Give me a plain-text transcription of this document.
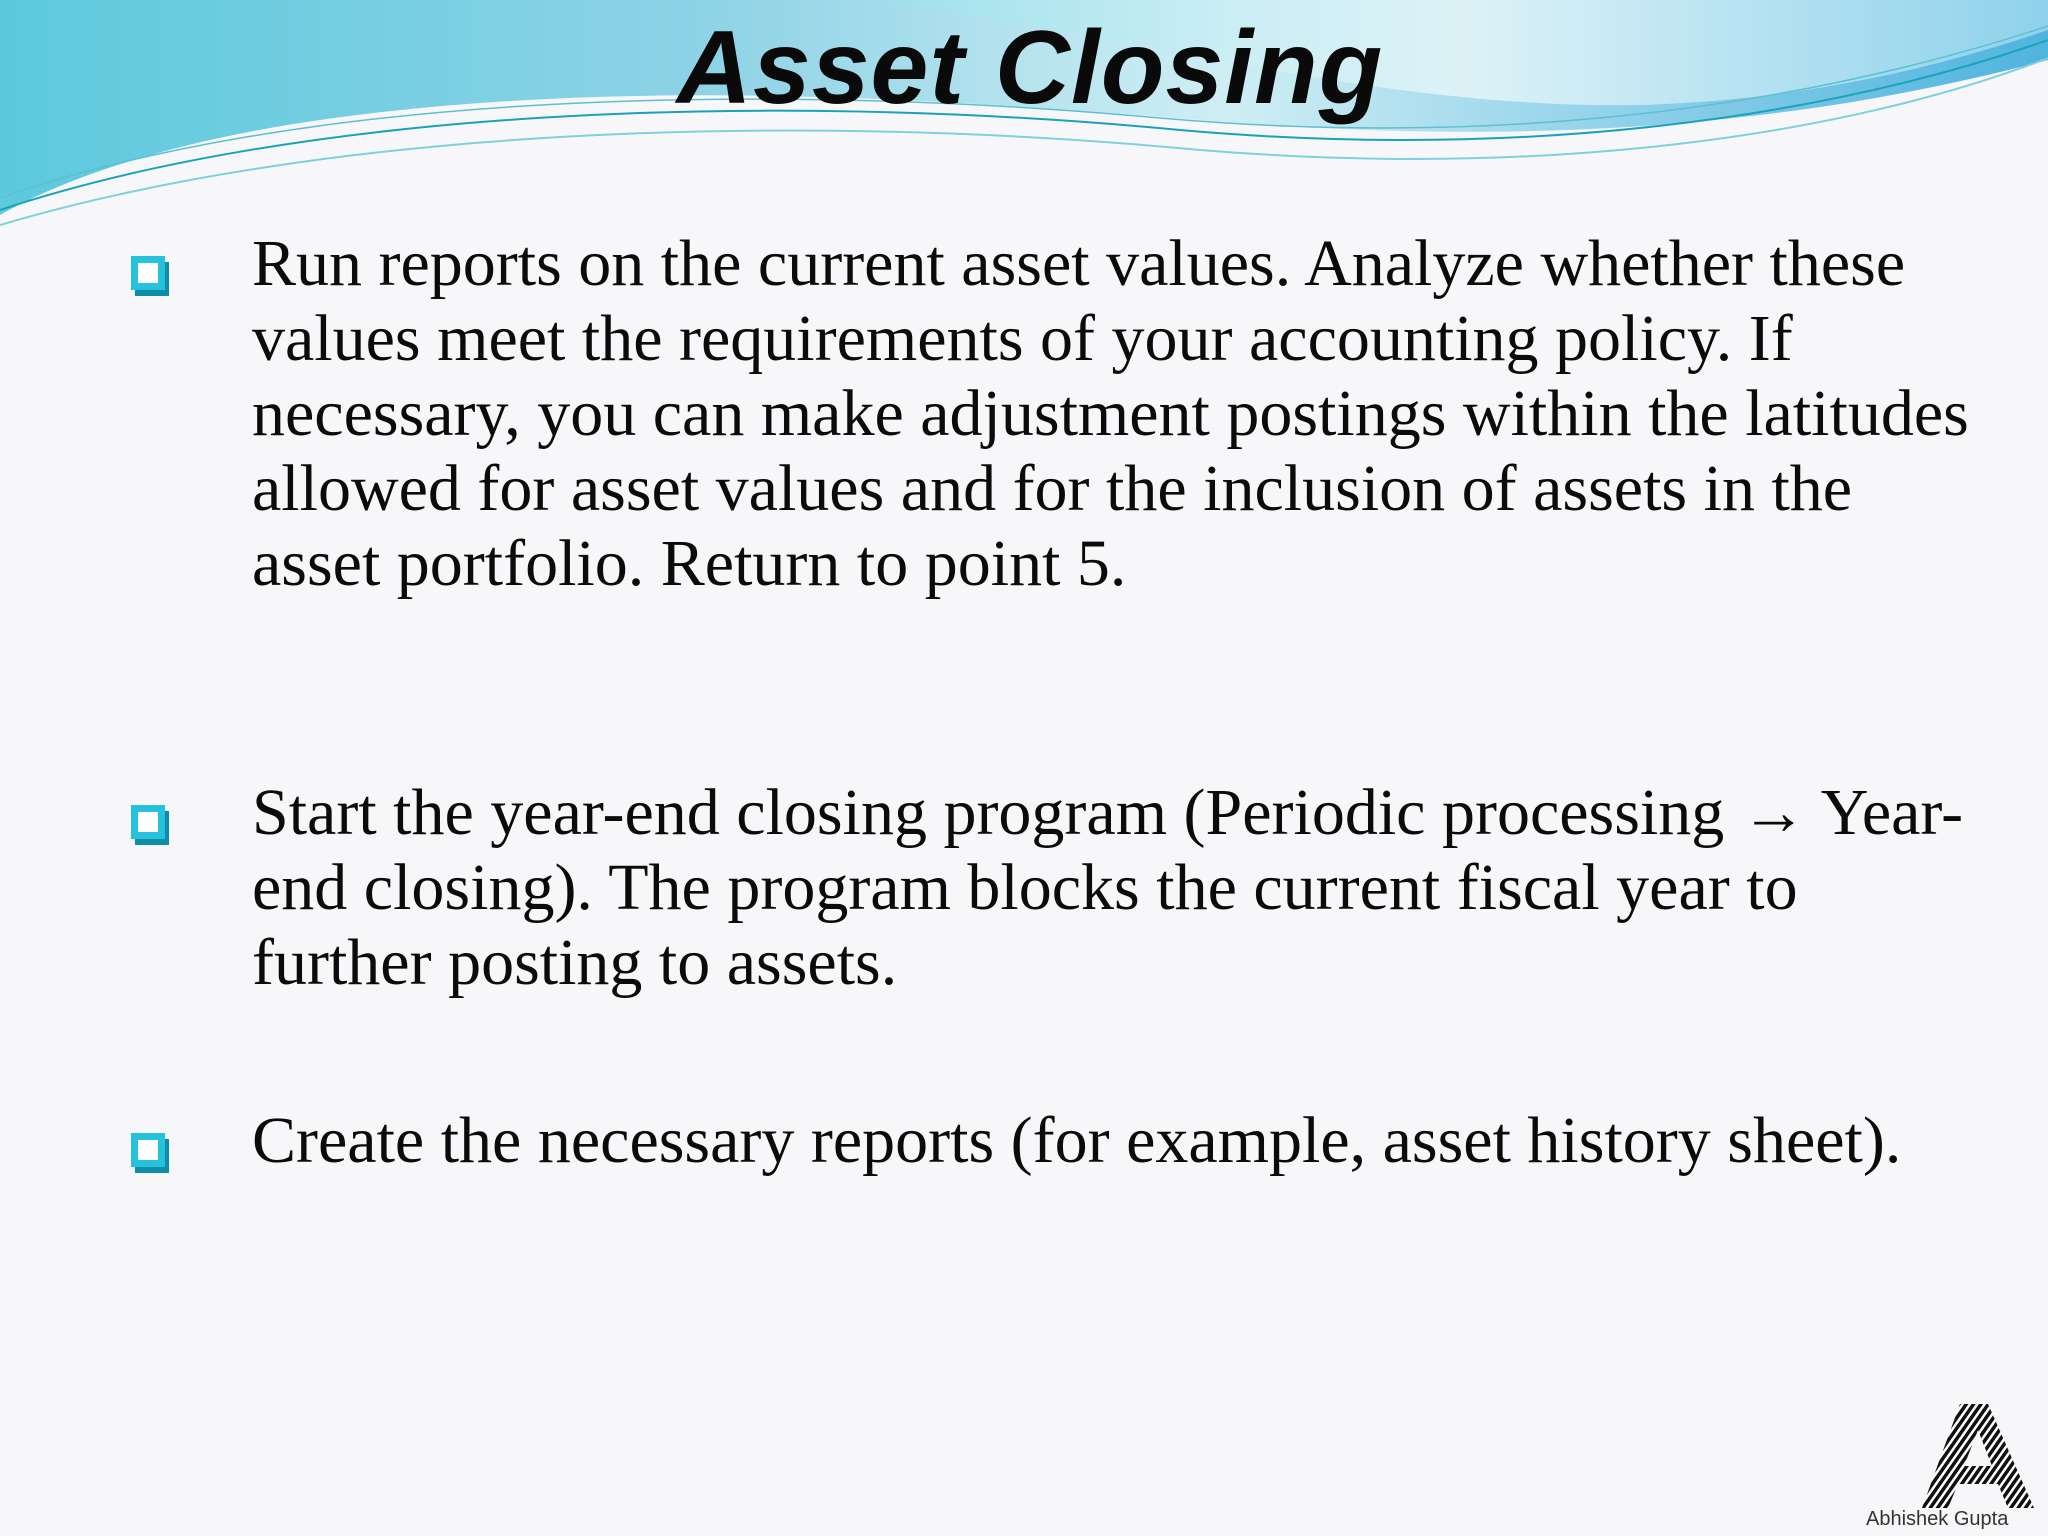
Asset Closing
Run reports on the current asset values. Analyze whether these values meet the requirements of your accounting policy. If necessary, you can make adjustment postings within the latitudes allowed for asset values and for the inclusion of assets in the asset portfolio. Return to point 5.
Start the year-end closing program (Periodic processing → Year-end closing). The program blocks the current fiscal year to further posting to assets.
Create the necessary reports (for example, asset history sheet).
Abhishek Gupta
